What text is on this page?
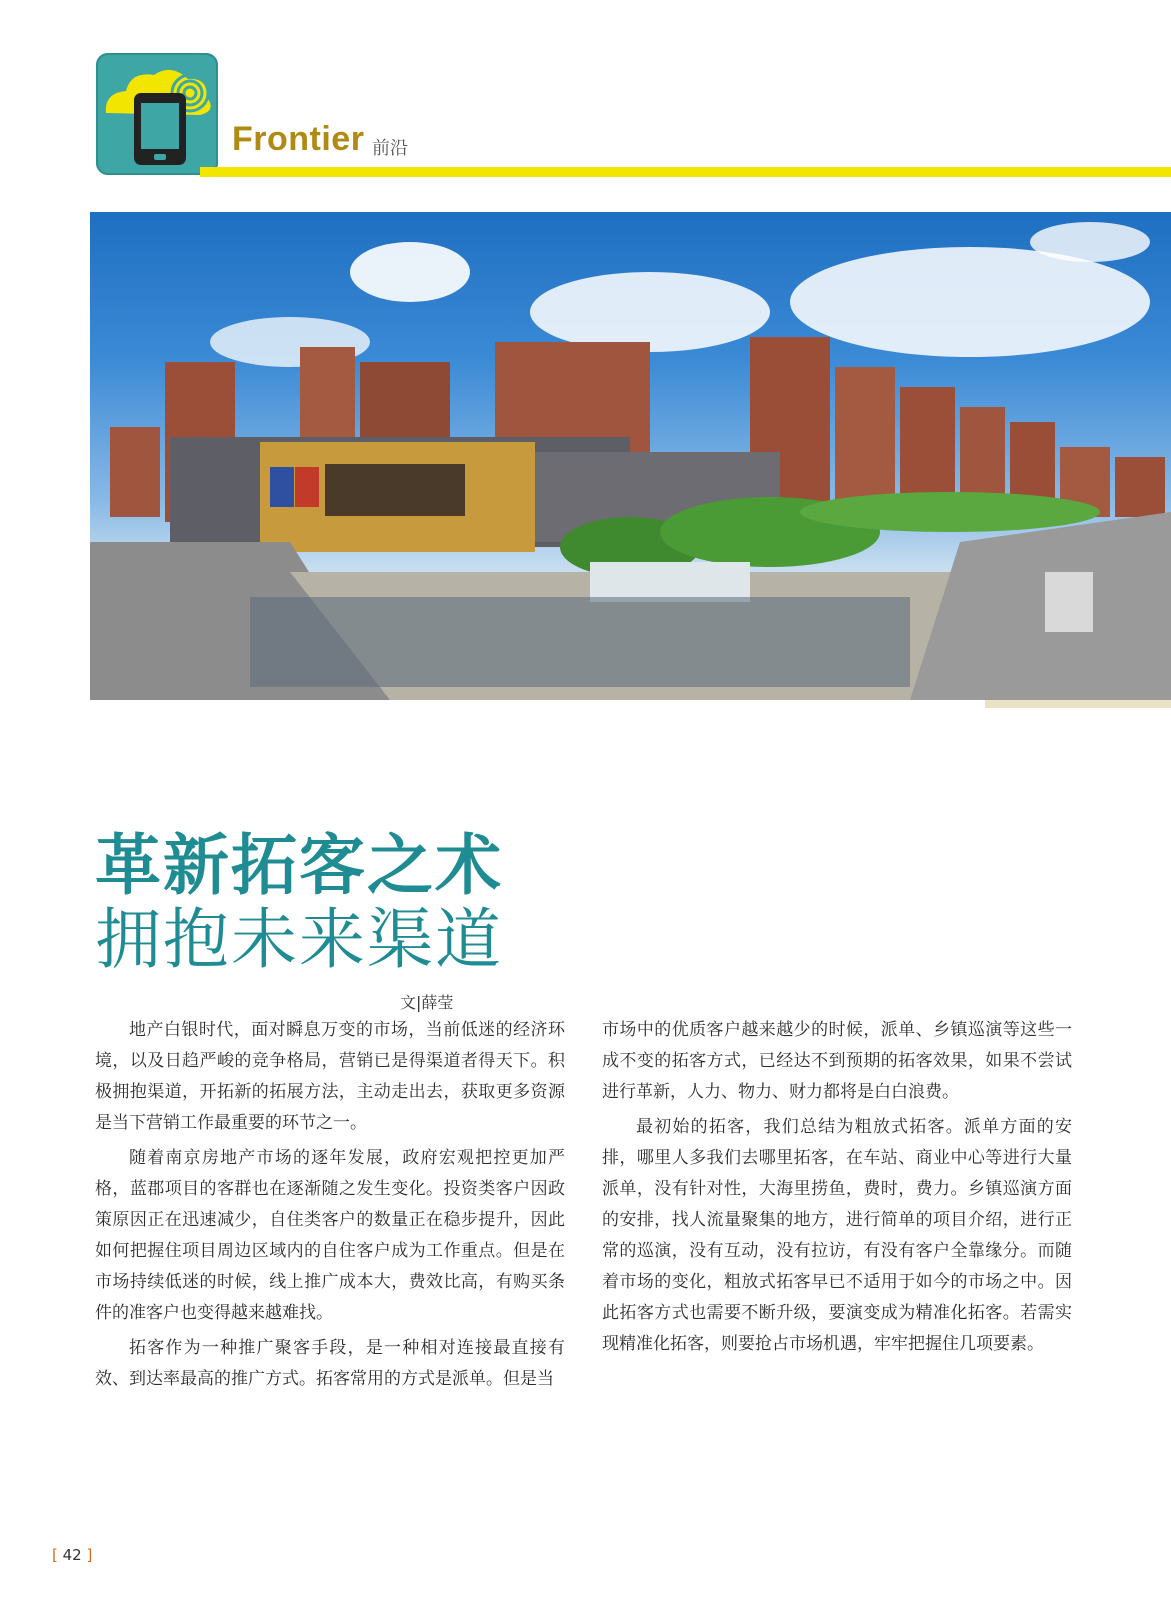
Frontier 前沿
革新拓客之术
拥抱未来渠道
文|薛莹

地产白银时代，面对瞬息万变的市场，当前低迷的经济环境，以及日趋严峻的竞争格局，营销已是得渠道者得天下。积极拥抱渠道，开拓新的拓展方法，主动走出去，获取更多资源是当下营销工作最重要的环节之一。

随着南京房地产市场的逐年发展，政府宏观把控更加严格，蓝郡项目的客群也在逐渐随之发生变化。投资类客户因政策原因正在迅速减少，自住类客户的数量正在稳步提升，因此如何把握住项目周边区域内的自住客户成为工作重点。但是在市场持续低迷的时候，线上推广成本大，费效比高，有购买条件的准客户也变得越来越难找。

拓客作为一种推广聚客手段，是一种相对连接最直接有效、到达率最高的推广方式。拓客常用的方式是派单。但是当

市场中的优质客户越来越少的时候，派单、乡镇巡演等这些一成不变的拓客方式，已经达不到预期的拓客效果，如果不尝试进行革新，人力、物力、财力都将是白白浪费。

最初始的拓客，我们总结为粗放式拓客。派单方面的安排，哪里人多我们去哪里拓客，在车站、商业中心等进行大量派单，没有针对性，大海里捞鱼，费时，费力。乡镇巡演方面的安排，找人流量聚集的地方，进行简单的项目介绍，进行正常的巡演，没有互动，没有拉访，有没有客户全靠缘分。而随着市场的变化，粗放式拓客早已不适用于如今的市场之中。因此拓客方式也需要不断升级，要演变成为精准化拓客。若需实现精准化拓客，则要抢占市场机遇，牢牢把握住几项要素。

[ 42 ]
